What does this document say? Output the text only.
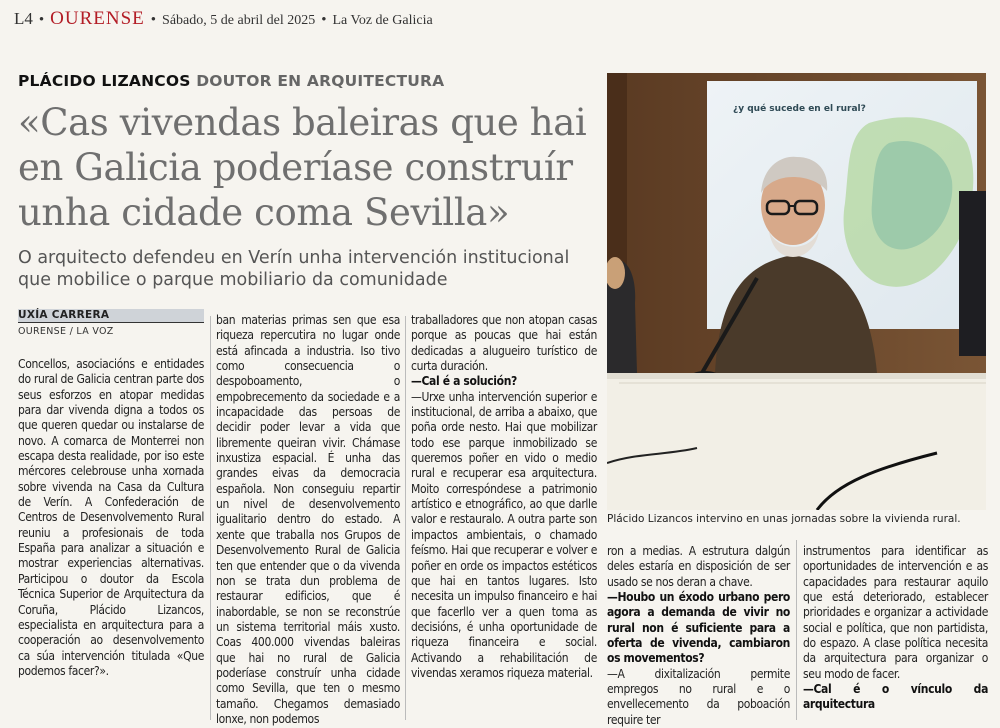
L4 • OURENSE • Sábado, 5 de abril del 2025 • La Voz de Galicia
PLÁCIDO LIZANCOS DOUTOR EN ARQUITECTURA
«Cas vivendas baleiras que hai en Galicia poderíase construír unha cidade coma Sevilla»

O arquitecto defendeu en Verín unha intervención institucional que mobilice o parque mobiliario da comunidade

UXÍA CARRERA
OURENSE / LA VOZ

Concellos, asociacións e entidades do rural de Galicia centran parte dos seus esforzos en atopar medidas para dar vivenda digna a todos os que queren quedar ou instalarse de novo. A comarca de Monterrei non escapa desta realidade, por iso este mércores celebrouse unha xornada sobre vivenda na Casa da Cultura de Verín. A Confederación de Centros de Desenvolvemento Rural reuniu a profesionais de toda España para analizar a situación e mostrar experiencias alternativas. Participou o doutor da Escola Técnica Superior de Arquitectura da Coruña, Plácido Lizancos, especialista en arquitectura para a cooperación ao desenvolvemento ca súa intervención titulada «Que podemos facer?».

ban materias primas sen que esa riqueza repercutira no lugar onde está afincada a industria. Iso tivo como consecuencia o despoboamento, o empobrecemento da sociedade e a incapacidade das persoas de decidir poder levar a vida que libremente queiran vivir. Chámase inxustiza espacial. É unha das grandes eivas da democracia española. Non conseguiu repartir un nivel de desenvolvemento igualitario dentro do estado. A xente que traballa nos Grupos de Desenvolvemento Rural de Galicia ten que entender que o da vivenda non se trata dun problema de restaurar edificios, que é inabordable, se non se reconstrúe un sistema territorial máis xusto. Coas 400.000 vivendas baleiras que hai no rural de Galicia poderíase construír unha cidade como Sevilla, que ten o mesmo tamaño. Chegamos demasiado lonxe, non podemos

traballadores que non atopan casas porque as poucas que hai están dedicadas a alugueiro turístico de curta duración.

—Cal é a solución?

—Urxe unha intervención superior e institucional, de arriba a abaixo, que poña orde nesto. Hai que mobilizar todo ese parque inmobilizado se queremos poñer en vido o medio rural e recuperar esa arquitectura. Moito correspóndese a patrimonio artístico e etnográfico, ao que darlle valor e restauralo. A outra parte son impactos ambientais, o chamado feísmo. Hai que recuperar e volver e poñer en orde os impactos estéticos que hai en tantos lugares. Isto necesita un impulso financeiro e hai que facerllo ver a quen toma as decisións, é unha oportunidade de riqueza financeira e social. Activando a rehabilitación de vivendas xeramos riqueza material.

¿y qué sucede en el rural?
Plácido Lizancos intervino en unas jornadas sobre la vivienda rural.

ron a medias. A estrutura dalgún deles estaría en disposición de ser usado se nos deran a chave.

—Houbo un éxodo urbano pero agora a demanda de vivir no rural non é suficiente para a oferta de vivenda, cambiaron os movementos?

—A dixitalización permite empregos no rural e o envellecemento da poboación require ter

instrumentos para identificar as oportunidades de intervención e as capacidades para restaurar aquilo que está deteriorado, establecer prioridades e organizar a actividade social e política, que non partidista, do espazo. A clase política necesita da arquitectura para organizar o seu modo de facer.

—Cal é o vínculo da arquitectura
